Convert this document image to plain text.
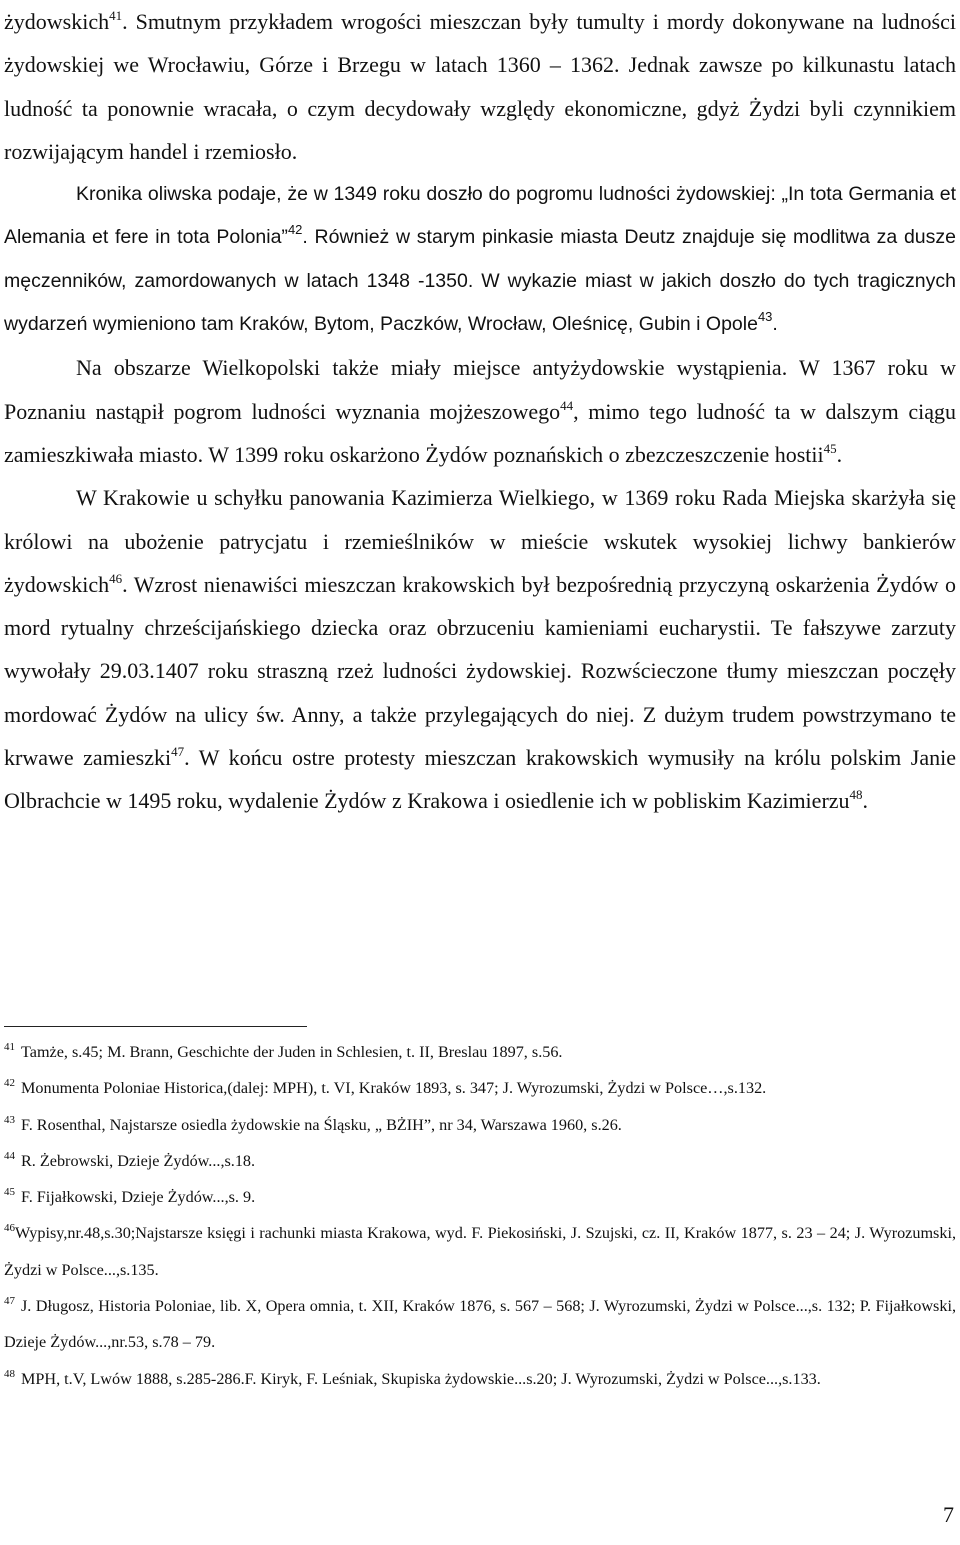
żydowskich$^{41}$. Smutnym przykładem wrogości mieszczan były tumulty i mordy dokonywane na ludności żydowskiej we Wrocławiu, Górze i Brzegu w latach 1360 – 1362. Jednak zawsze po kilkunastu latach ludność ta ponownie wracała, o czym decydowały względy ekonomiczne, gdyż Żydzi byli czynnikiem rozwijającym handel i rzemiosło.

Kronika oliwska podaje, że w 1349 roku doszło do pogromu ludności żydowskiej: „In tota Germania et Alemania et fere in tota Polonia”$^{42}$. Również w starym pinkasie miasta Deutz znajduje się modlitwa za dusze męczenników, zamordowanych w latach 1348 -1350. W wykazie miast w jakich doszło do tych tragicznych wydarzeń wymieniono tam Kraków, Bytom, Paczków, Wrocław, Oleśnicę, Gubin i Opole$^{43}$.

Na obszarze Wielkopolski także miały miejsce antyżydowskie wystąpienia. W 1367 roku w Poznaniu nastąpił pogrom ludności wyznania mojżeszowego$^{44}$, mimo tego ludność ta w dalszym ciągu zamieszkiwała miasto. W 1399 roku oskarżono Żydów poznańskich o zbezczeszczenie hostii$^{45}$.

W Krakowie u schyłku panowania Kazimierza Wielkiego, w 1369 roku Rada Miejska skarżyła się królowi na ubożenie patrycjatu i rzemieślników w mieście wskutek wysokiej lichwy bankierów żydowskich$^{46}$. Wzrost nienawiści mieszczan krakowskich był bezpośrednią przyczyną oskarżenia Żydów o mord rytualny chrześcijańskiego dziecka oraz obrzuceniu kamieniami eucharystii. Te fałszywe zarzuty wywołały 29.03.1407 roku straszną rzeż ludności żydowskiej. Rozwścieczone tłumy mieszczan poczęły mordować Żydów na ulicy św. Anny, a także przylegających do niej. Z dużym trudem powstrzymano te krwawe zamieszki$^{47}$. W końcu ostre protesty mieszczan krakowskich wymusiły na królu polskim Janie Olbrachcie w 1495 roku, wydalenie Żydów z Krakowa i osiedlenie ich w pobliskim Kazimierzu$^{48}$.

$^{41}$ Tamże, s.45; M. Brann, Geschichte der Juden in Schlesien, t. II, Breslau 1897, s.56.

$^{42}$ Monumenta Poloniae Historica,(dalej: MPH), t. VI, Kraków 1893, s. 347; J. Wyrozumski, Żydzi w Polsce…,s.132.

$^{43}$ F. Rosenthal, Najstarsze osiedla żydowskie na Śląsku, „ BŻIH”, nr 34, Warszawa 1960, s.26.

$^{44}$ R. Żebrowski, Dzieje Żydów...,s.18.

$^{45}$ F. Fijałkowski, Dzieje Żydów...,s. 9.

$^{46}$Wypisy,nr.48,s.30;Najstarsze księgi i rachunki miasta Krakowa, wyd. F. Piekosiński, J. Szujski, cz. II, Kraków 1877, s. 23 – 24; J. Wyrozumski, Żydzi w Polsce...,s.135.

$^{47}$ J. Długosz, Historia Poloniae, lib. X, Opera omnia, t. XII, Kraków 1876, s. 567 – 568; J. Wyrozumski, Żydzi w Polsce...,s. 132; P. Fijałkowski, Dzieje Żydów...,nr.53, s.78 – 79.

$^{48}$ MPH, t.V, Lwów 1888, s.285-286.F. Kiryk, F. Leśniak, Skupiska żydowskie...s.20; J. Wyrozumski, Żydzi w Polsce...,s.133.

7
